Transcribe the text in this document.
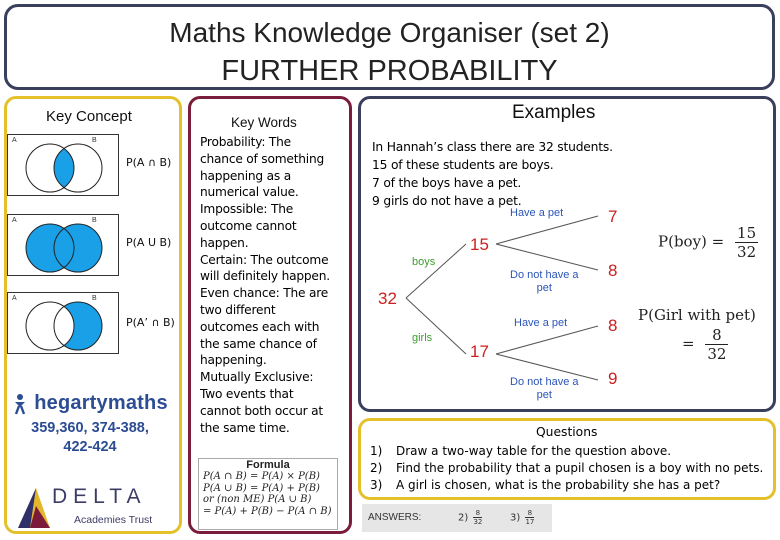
Maths Knowledge Organiser (set 2)
FURTHER PROBABILITY
Key Concept
A	B
P(A ∩ B)
A	B
P(A U B)
A	B
P(A’ ∩ B)
hegartymaths
359,360, 374-388,
422-424
DELTA
Academies Trust
Key Words
Probability: The
chance of something
happening as a
numerical value.
Impossible: The
outcome cannot
happen.
Certain: The outcome
will definitely happen.
Even chance: The are
two different
outcomes each with
the same chance of
happening.
Mutually Exclusive:
Two events that
cannot both occur at
the same time.
Formula
P(A ∩ B) = P(A) × P(B)
P(A ∪ B) = P(A) + P(B)
or (non ME) P(A ∪ B)
= P(A) + P(B) − P(A ∩ B)
Examples
In Hannah’s class there are 32 students.
15 of these students are boys.
7 of the boys have a pet.
9 girls do not have a pet.
32
15
17
7
8
8
9
boys
girls
Have a pet
Do not have a
pet
Have a pet
Do not have a
pet
$P(boy) = \frac{15}{32}$
P(Girl with pet)
= $\frac{8}{32}$
Questions
1)	Draw a two-way table for the question above.
2)	Find the probability that a pupil chosen is a boy with no pets.
3)	A girl is chosen, what is the probability she has a pet?
ANSWERS:	$2) \frac{8}{32}$	$3) \frac{8}{17}$
